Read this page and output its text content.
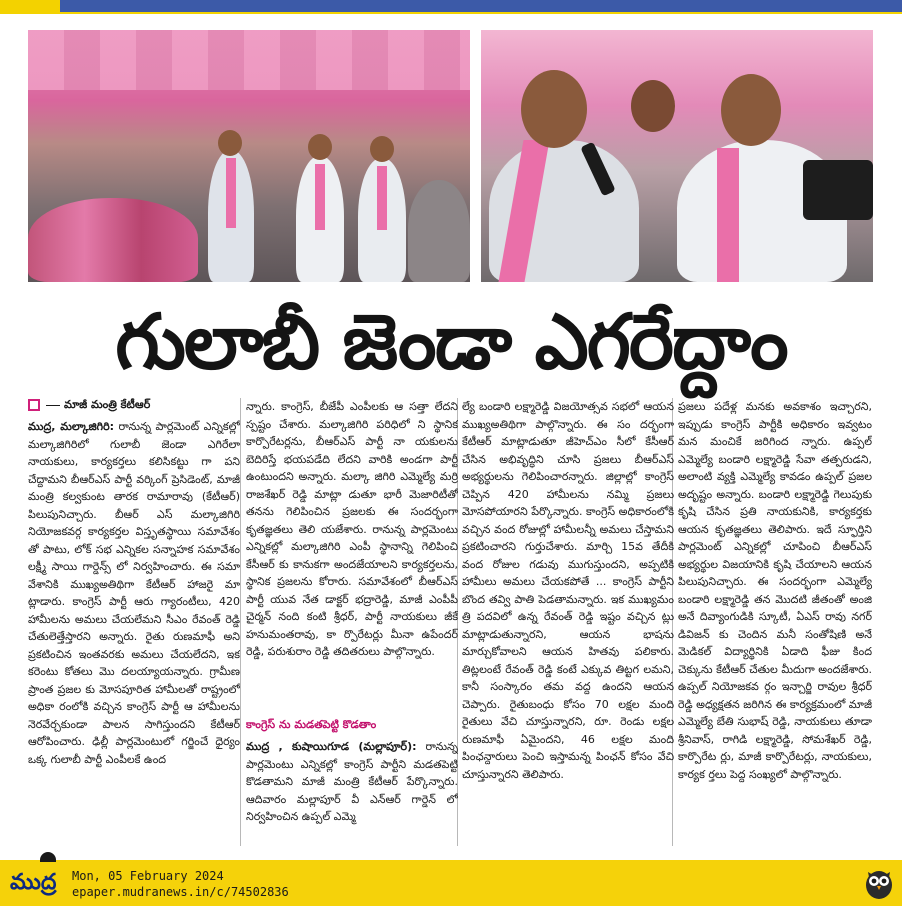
గులాబీ జెండా ఎగరేద్దాం
మాజీ మంత్రి కేటీఆర్
ముద్ర, మల్కాజిగిరి: రానున్న పార్లమెంట్ ఎన్నికల్లో మల్కాజిగిరిలో గులాబీ జెండా ఎగిరేలా నాయకులు, కార్యకర్తలు కలిసికట్టు గా పని చేద్దామని బీఆర్ఎస్ పార్టీ వర్కింగ్ ప్రెసిడెంట్, మాజీ మంత్రి కల్వకుంట తారక రామారావు (కేటీఆర్) పిలుపునిచ్చారు. బీఆర్ ఎస్ మల్కాజిగిరి నియోజకవర్గ కార్యకర్తల విస్తృతస్థాయి సమావేశం తో పాటు, లోక్ సభ ఎన్నికల సన్నాహక సమావేశం లక్ష్మీ సాయి గార్డెన్స్ లో నిర్వహించారు. ఈ సమా వేశానికి ముఖ్యఅతిథిగా కేటీఆర్ హాజరై మా ట్లాడారు. కాంగ్రెస్ పార్టీ ఆరు గ్యారంటీలు, 420 హామీలను అమలు చేయలేమని సీఎం రేవంత్ రెడ్డి చేతులెత్తేస్తారని అన్నారు. రైతు రుణమాఫీ అని ప్రకటించిన ఇంతవరకు అమలు చేయలేదని, ఇక కరెంటు కోతలు మొ దలయ్యాయన్నారు. గ్రామీణ ప్రాంత ప్రజల కు మోసపూరిత హామీలతో రాష్ట్రంలో అధికా రంలోకి వచ్చిన కాంగ్రెస్ పార్టీ ఆ హామీలను నెరవేర్చకుండా పాలన సాగిస్తుందని కేటీఆర్ ఆరోపించారు. ఢిల్లీ పార్లమెంటులో గర్జించే ధైర్యం ఒక్క గులాబీ పార్టీ ఎంపీలకే ఉంద
న్నారు. కాంగ్రెస్, బీజేపీ ఎంపీలకు ఆ సత్తా లేదని స్పష్టం చేశారు. మల్కాజిగిరి పరిధిలో ని స్థానిక కార్పొరేటర్లను, బీఆర్ఎస్ పార్టీ నా యకులను బెదిరిస్తే భయపడేది లేదని వారికి అండగా పార్టీ ఉంటుందని అన్నారు. మల్కా జిగిరి ఎమ్మెల్యే మర్రి రాజశేఖర్ రెడ్డి మాట్లా డుతూ భారీ మెజారిటీతో తనను గెలిపించిన ప్రజలకు ఈ సందర్భంగా కృతజ్ఞతలు తెలి యజేశారు. రానున్న పార్లమెంటు ఎన్నికల్లో మల్కాజిగిరి ఎంపీ స్థానాన్ని గెలిపించి కేసీఆర్ కు కానుకగా అందజేయాలని కార్యకర్తలను, స్థానిక ప్రజలను కోరారు. సమావేశంలో బీఆర్ఎస్ పార్టీ యువ నేత డాక్టర్ భద్రారెడ్డి, మాజీ ఎంపీపీ చైర్మన్ నంది కంటి శ్రీధర్, పార్టీ నాయకులు జీకే హనుమంతరావు, కా ర్పొరేటర్లు మీనా ఉపేందర్ రెడ్డి, పరుశురాం రెడ్డి తదితరులు పాల్గొన్నారు.
కాంగ్రెస్ ను మడతపెట్టి కొడతాం
ముద్ర , కుషాయిగూడ (మల్లాపూర్): రానున్న పార్లమెంటు ఎన్నికల్లో కాంగ్రెస్ పార్టీని మడతపెట్టి కొడతామని మాజీ మంత్రి కేటీఆర్ పేర్కొన్నారు. ఆదివారం మల్లాపూర్ వీ ఎన్ఆర్ గార్డెన్ లో నిర్వహించిన ఉప్పల్ ఎమ్మె
ల్యే బండారి లక్ష్మారెడ్డి విజయోత్సవ సభలో ఆయన ముఖ్యఅతిథిగా పాల్గొన్నారు. ఈ సం దర్భంగా కేటీఆర్ మాట్లాడుతూ జీహెచ్ఎం సీలో కేసీఆర్ చేసిన అభివృద్ధిని చూసి ప్రజలు బీఆర్ఎస్ అభ్యర్థులను గెలిపించారన్నారు. జిల్లాల్లో కాంగ్రెస్ చెప్పిన 420 హామీలను నమ్మి ప్రజలు మోసపోయారని పేర్కొన్నారు. కాంగ్రెస్ అధికారంలోకి వచ్చిన వంద రోజుల్లో హామీలన్నీ అమలు చేస్తామని ప్రకటించారని గుర్తుచేశారు. మార్చి 15వ తేదీకి వంద రోజుల గడువు ముగుస్తుందని, అప్పటికి హామీలు అమలు చేయకపోతే ... కాంగ్రెస్ పార్టీని బొంద తవ్వి పాతి పెడతామన్నారు. ఇక ముఖ్యమం త్రి పదవిలో ఉన్న రేవంత్ రెడ్డి ఇష్టం వచ్చిన ట్లు మాట్లాడుతున్నారని, ఆయన భాషను మార్చుకోవాలని ఆయన హితవు పలికారు. తిట్లలంటే రేవంత్ రెడ్డి కంటే ఎక్కువ తిట్టగ లమని, కానీ సంస్కారం తమ వద్ద ఉందని ఆయన చెప్పారు. రైతుబంధు కోసం 70 లక్షల మంది రైతులు వేచి చూస్తున్నారని, రూ. రెండు లక్షల రుణమాఫీ ఏమైందని, 46 లక్షల మంది పింఛన్దారులు పెంచి ఇస్తామన్న పింఛన్ కోసం వేచి చూస్తున్నారని తెలిపారు.
ప్రజలు పదేళ్ల మనకు అవకాశం ఇచ్చారని, ఇప్పుడు కాంగ్రెస్ పార్టీకి అధికారం ఇవ్వటం మన మంచికే జరిగింద న్నారు. ఉప్పల్ ఎమ్మెల్యే బండారి లక్ష్మారెడ్డి సేవా తత్పరుడని, అలాంటి వ్యక్తి ఎమ్మెల్యే కావడం ఉప్పల్ ప్రజల అదృష్టం అన్నారు. బండారి లక్ష్మారెడ్డి గెలుపుకు కృషి చేసిన ప్రతి నాయకునికి, కార్యకర్తకు ఆయన కృతజ్ఞతలు తెలిపారు. ఇదే స్ఫూర్తిని పార్లమెంట్ ఎన్నికల్లో చూపించి బీఆర్ఎస్ అభ్యర్థుల విజయానికి కృషి చేయాలని ఆయన పిలుపునిచ్చారు. ఈ సందర్భంగా ఎమ్మెల్యే బండారి లక్ష్మారెడ్డి తన మొదటి జీతంతో అంజి అనే దివ్యాంగుడికి స్కూటీ, ఏఎస్ రావు నగర్ డివిజన్ కు చెందిన మనీ సంతోషిణి అనే మెడికల్ విద్యార్థినికి ఏడాది ఫీజు కింద చెక్కును కేటీఆర్ చేతుల మీదుగా అందజేశారు. ఉప్పల్ నియోజకవ ర్గం ఇన్చార్జి రావుల శ్రీధర్ రెడ్డి అధ్యక్షతన జరిగిన ఈ కార్యక్రమంలో మాజీ ఎమ్మెల్యే బేతి సుభాష్ రెడ్డి, నాయకులు తూడా శ్రీనివాస్, రాగిడి లక్ష్మారెడ్డి, సోమశేఖర్ రెడ్డి, కార్పొరేట ర్లు, మాజీ కార్పొరేటర్లు, నాయకులు, కార్యక ర్తలు పెద్ద సంఖ్యలో పాల్గొన్నారు.
ముద్ర Mon, 05 February 2024
epaper.mudranews.in/c/74502836
